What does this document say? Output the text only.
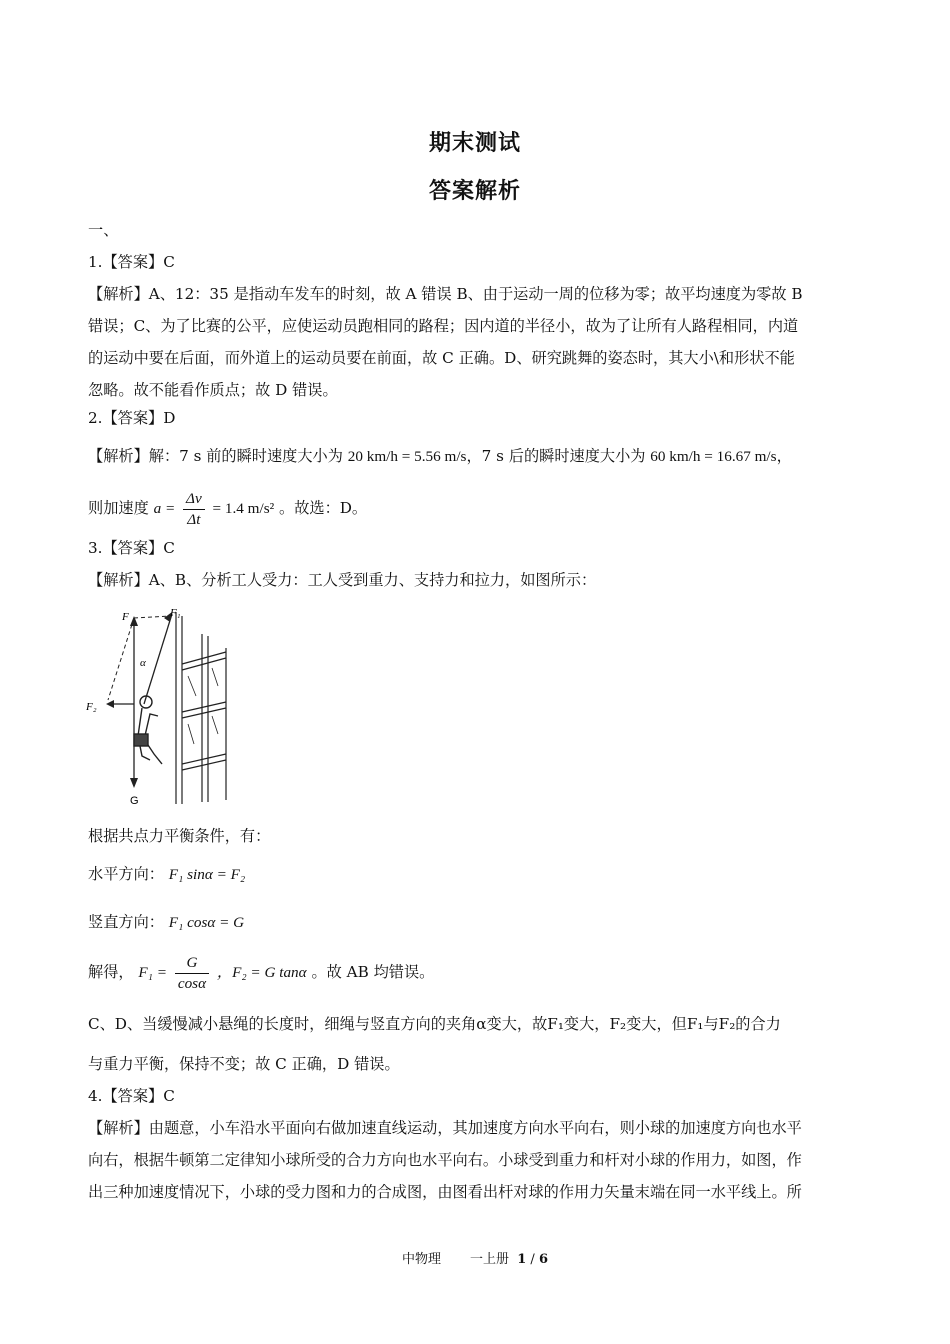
期末测试
答案解析
一、
1.【答案】C
【解析】A、12：35 是指动车发车的时刻，故 A 错误 B、由于运动一周的位移为零；故平均速度为零故 B
错误；C、为了比赛的公平，应使运动员跑相同的路程；因内道的半径小，故为了让所有人路程相同，内道
的运动中要在后面，而外道上的运动员要在前面，故 C 正确。D、研究跳舞的姿态时，其大小\和形状不能
忽略。故不能看作质点；故 D 错误。
2.【答案】D
【解析】解：7 s 前的瞬时速度大小为 20 km/h = 5.56 m/s，7 s 后的瞬时速度大小为 60 km/h = 16.67 m/s，
则加速度 $a = \frac{\Delta v}{\Delta t} = 1.4$ m/s² 。故选：D。
3.【答案】C
【解析】A、B、分析工人受力：工人受到重力、支持力和拉力，如图所示：
F	F₁
F₂
G
α
根据共点力平衡条件，有：
水平方向： F₁ sinα = F₂
竖直方向： F₁ cosα = G
解得， $F_1 = \frac{G}{\cos\alpha}$ ，F₂ = G tanα 。故 AB 均错误。
C、D、当缓慢减小悬绳的长度时，细绳与竖直方向的夹角α变大，故F₁变大，F₂变大，但F₁与F₂的合力
与重力平衡，保持不变；故 C 正确，D 错误。
4.【答案】C
【解析】由题意，小车沿水平面向右做加速直线运动，其加速度方向水平向右，则小球的加速度方向也水平
向右，根据牛顿第二定律知小球所受的合力方向也水平向右。小球受到重力和杆对小球的作用力，如图，作
出三种加速度情况下，小球的受力图和力的合成图，由图看出杆对球的作用力矢量末端在同一水平线上。所
中物理 一上册 1 / 6
